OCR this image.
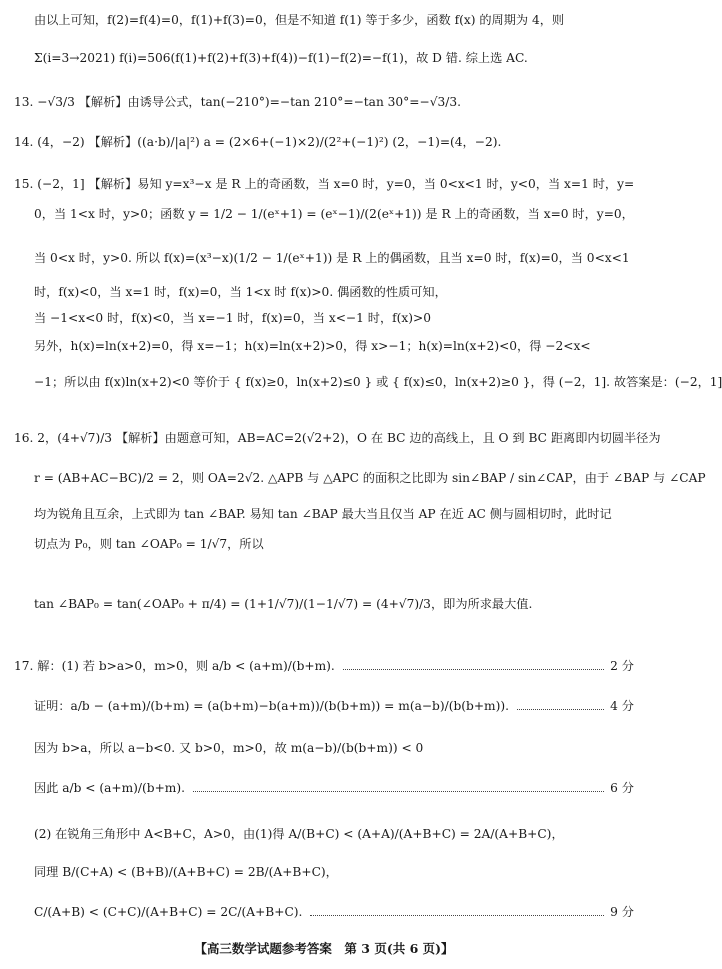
由以上可知，f(2)=f(4)=0，f(1)+f(3)=0，但是不知道 f(1) 等于多少，函数 f(x) 的周期为 4，则
Σ(i=3→2021) f(i)=506(f(1)+f(2)+f(3)+f(4))−f(1)−f(2)=−f(1)，故 D 错. 综上选 AC.
13. −√3/3 【解析】由诱导公式，tan(−210°)=−tan 210°=−tan 30°=−√3/3.
14. (4，−2) 【解析】((a·b)/|a|²) a = (2×6+(−1)×2)/(2²+(−1)²) (2，−1)=(4，−2).
15. (−2，1] 【解析】易知 y=x³−x 是 R 上的奇函数，当 x=0 时，y=0，当 0<x<1 时，y<0，当 x=1 时，y=
0，当 1<x 时，y>0；函数 y = 1/2 − 1/(eˣ+1) = (eˣ−1)/(2(eˣ+1)) 是 R 上的奇函数，当 x=0 时，y=0，
当 0<x 时，y>0. 所以 f(x)=(x³−x)(1/2 − 1/(eˣ+1)) 是 R 上的偶函数，且当 x=0 时，f(x)=0，当 0<x<1
时，f(x)<0，当 x=1 时，f(x)=0，当 1<x 时 f(x)>0. 偶函数的性质可知，
当 −1<x<0 时，f(x)<0，当 x=−1 时，f(x)=0，当 x<−1 时，f(x)>0
另外，h(x)=ln(x+2)=0，得 x=−1；h(x)=ln(x+2)>0，得 x>−1；h(x)=ln(x+2)<0，得 −2<x<
−1；所以由 f(x)ln(x+2)<0 等价于 { f(x)≥0，ln(x+2)≤0 } 或 { f(x)≤0，ln(x+2)≥0 }，得 (−2，1]. 故答案是：(−2，1]
16. 2，(4+√7)/3 【解析】由题意可知，AB=AC=2(√2+2)，O 在 BC 边的高线上，且 O 到 BC 距离即内切圆半径为
r = (AB+AC−BC)/2 = 2，则 OA=2√2. △APB 与 △APC 的面积之比即为 sin∠BAP / sin∠CAP，由于 ∠BAP 与 ∠CAP
均为锐角且互余，上式即为 tan ∠BAP. 易知 tan ∠BAP 最大当且仅当 AP 在近 AC 侧与圆相切时，此时记
切点为 P₀，则 tan ∠OAP₀ = 1/√7，所以
tan ∠BAP₀ = tan(∠OAP₀ + π/4) = (1+1/√7)/(1−1/√7) = (4+√7)/3，即为所求最大值.
17. 解：(1) 若 b>a>0，m>0，则 a/b < (a+m)/(b+m).	2 分
证明：a/b − (a+m)/(b+m) = (a(b+m)−b(a+m))/(b(b+m)) = m(a−b)/(b(b+m)).	4 分
因为 b>a，所以 a−b<0. 又 b>0，m>0，故 m(a−b)/(b(b+m)) < 0
因此 a/b < (a+m)/(b+m).	6 分
(2) 在锐角三角形中 A<B+C，A>0，由(1)得 A/(B+C) < (A+A)/(A+B+C) = 2A/(A+B+C)，
同理 B/(C+A) < (B+B)/(A+B+C) = 2B/(A+B+C)，
C/(A+B) < (C+C)/(A+B+C) = 2C/(A+B+C).	9 分
【高三数学试题参考答案　第 3 页(共 6 页)】
